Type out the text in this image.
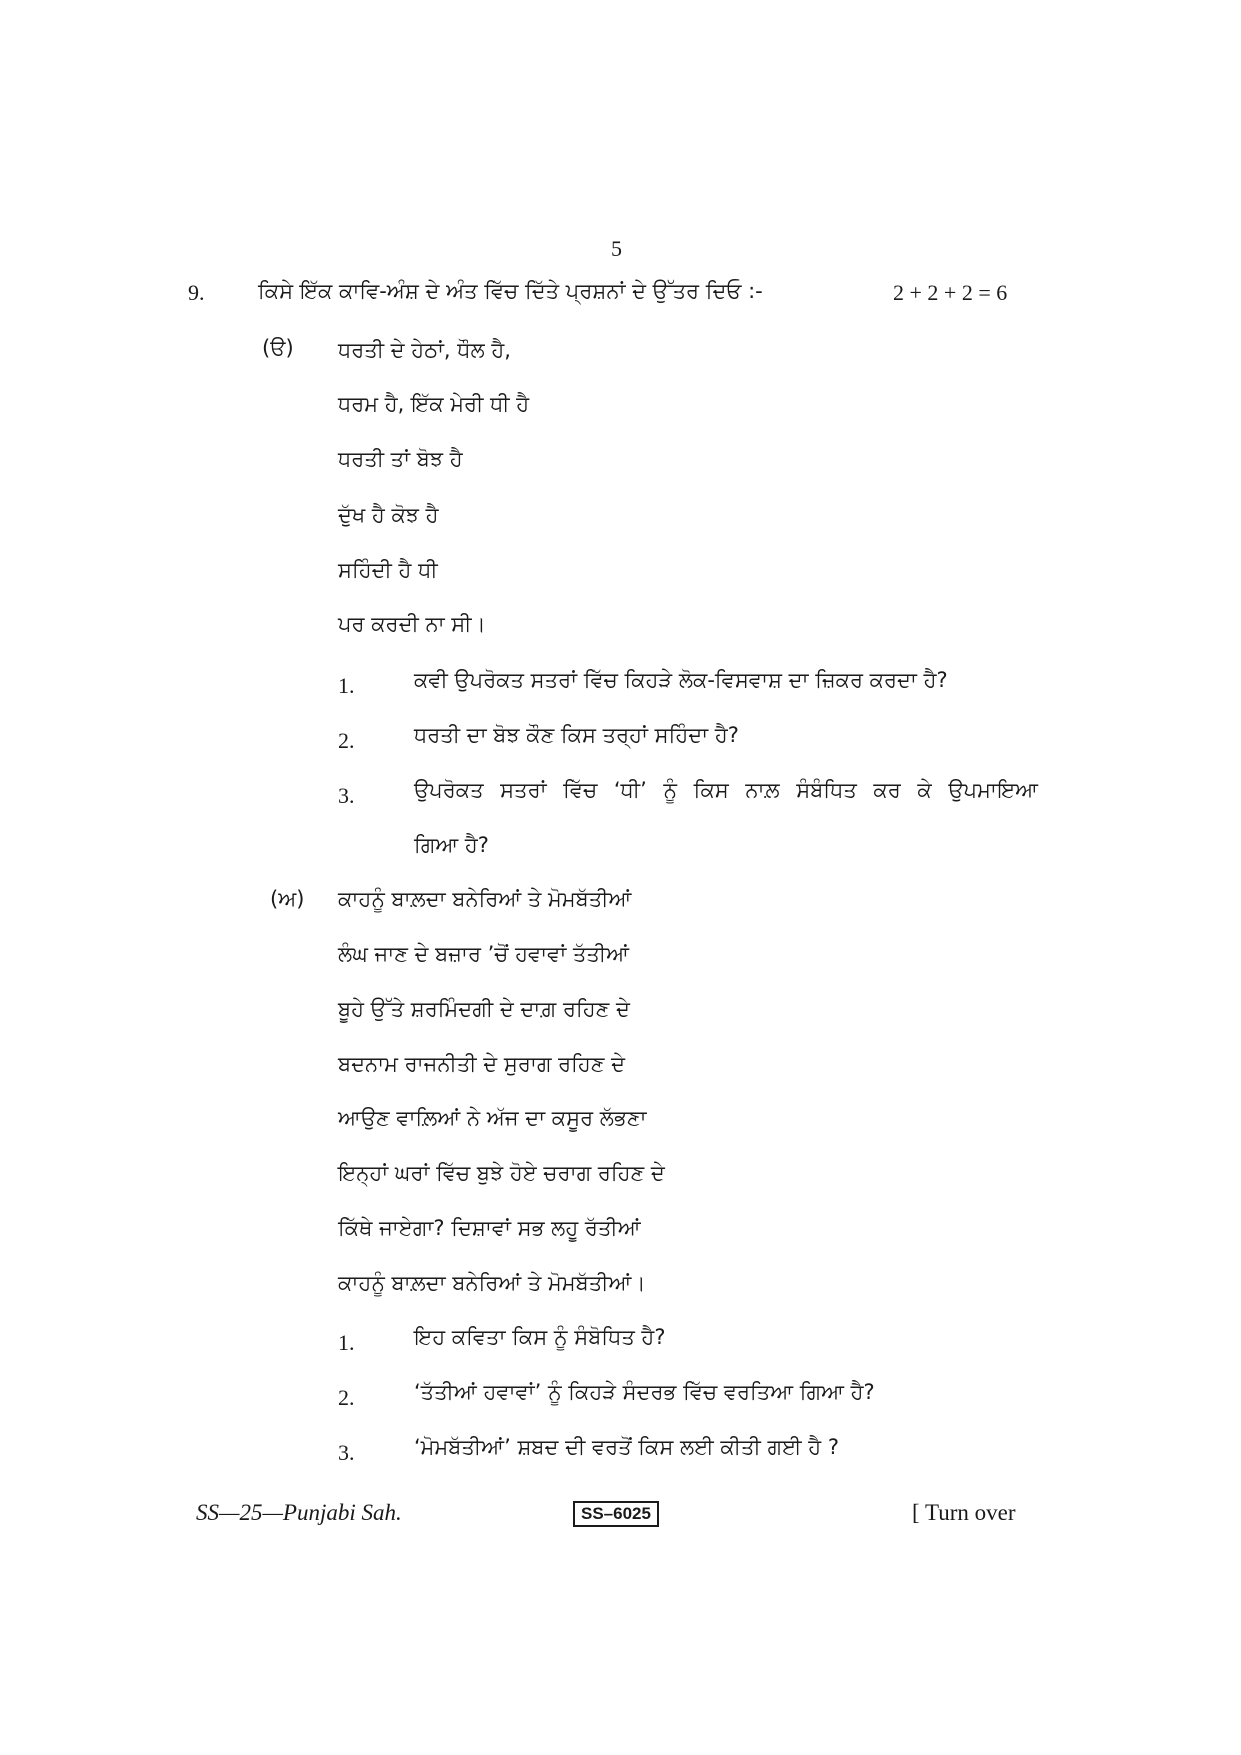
5
9.	ਕਿਸੇ ਇੱਕ ਕਾਵਿ-ਅੰਸ਼ ਦੇ ਅੰਤ ਵਿੱਚ ਦਿੱਤੇ ਪ੍ਰਸ਼ਨਾਂ ਦੇ ਉੱਤਰ ਦਿਓ :-	2 + 2 + 2 = 6
(ੳ) ਧਰਤੀ ਦੇ ਹੇਠਾਂ, ਧੌਲ ਹੈ,
ਧਰਮ ਹੈ, ਇੱਕ ਮੇਰੀ ਧੀ ਹੈ
ਧਰਤੀ ਤਾਂ ਬੋਝ ਹੈ
ਦੁੱਖ ਹੈ ਕੋਝ ਹੈ
ਸਹਿੰਦੀ ਹੈ ਧੀ
ਪਰ ਕਰਦੀ ਨਾ ਸੀ।
1.	ਕਵੀ ਉਪਰੋਕਤ ਸਤਰਾਂ ਵਿੱਚ ਕਿਹੜੇ ਲੋਕ-ਵਿਸਵਾਸ਼ ਦਾ ਜ਼ਿਕਰ ਕਰਦਾ ਹੈ?
2.	ਧਰਤੀ ਦਾ ਬੋਝ ਕੌਣ ਕਿਸ ਤਰ੍ਹਾਂ ਸਹਿੰਦਾ ਹੈ?
3.	ਉਪਰੋਕਤ ਸਤਰਾਂ ਵਿੱਚ ‘ਧੀ’ ਨੂੰ ਕਿਸ ਨਾਲ਼ ਸੰਬੰਧਿਤ ਕਰ ਕੇ ਉਪਮਾਇਆ
ਗਿਆ ਹੈ?
(ਅ) ਕਾਹਨੂੰ ਬਾਲ਼ਦਾ ਬਨੇਰਿਆਂ ਤੇ ਮੋਮਬੱਤੀਆਂ
ਲੰਘ ਜਾਣ ਦੇ ਬਜ਼ਾਰ ’ਚੋਂ ਹਵਾਵਾਂ ਤੱਤੀਆਂ
ਬੂਹੇ ਉੱਤੇ ਸ਼ਰਮਿੰਦਗੀ ਦੇ ਦਾਗ਼ ਰਹਿਣ ਦੇ
ਬਦਨਾਮ ਰਾਜਨੀਤੀ ਦੇ ਸੁਰਾਗ ਰਹਿਣ ਦੇ
ਆਉਣ ਵਾਲ਼ਿਆਂ ਨੇ ਅੱਜ ਦਾ ਕਸੂਰ ਲੱਭਣਾ
ਇਨ੍ਹਾਂ ਘਰਾਂ ਵਿੱਚ ਬੁਝੇ ਹੋਏ ਚਰਾਗ ਰਹਿਣ ਦੇ
ਕਿੱਥੇ ਜਾਏਗਾ? ਦਿਸ਼ਾਵਾਂ ਸਭ ਲਹੂ ਰੱਤੀਆਂ
ਕਾਹਨੂੰ ਬਾਲ਼ਦਾ ਬਨੇਰਿਆਂ ਤੇ ਮੋਮਬੱਤੀਆਂ।
1.	ਇਹ ਕਵਿਤਾ ਕਿਸ ਨੂੰ ਸੰਬੋਧਿਤ ਹੈ?
2.	‘ਤੱਤੀਆਂ ਹਵਾਵਾਂ’ ਨੂੰ ਕਿਹੜੇ ਸੰਦਰਭ ਵਿੱਚ ਵਰਤਿਆ ਗਿਆ ਹੈ?
3.	‘ਮੋਮਬੱਤੀਆਂ’ ਸ਼ਬਦ ਦੀ ਵਰਤੋਂ ਕਿਸ ਲਈ ਕੀਤੀ ਗਈ ਹੈ ?
SS—25—Punjabi Sah.	SS–6025	[ Turn over
